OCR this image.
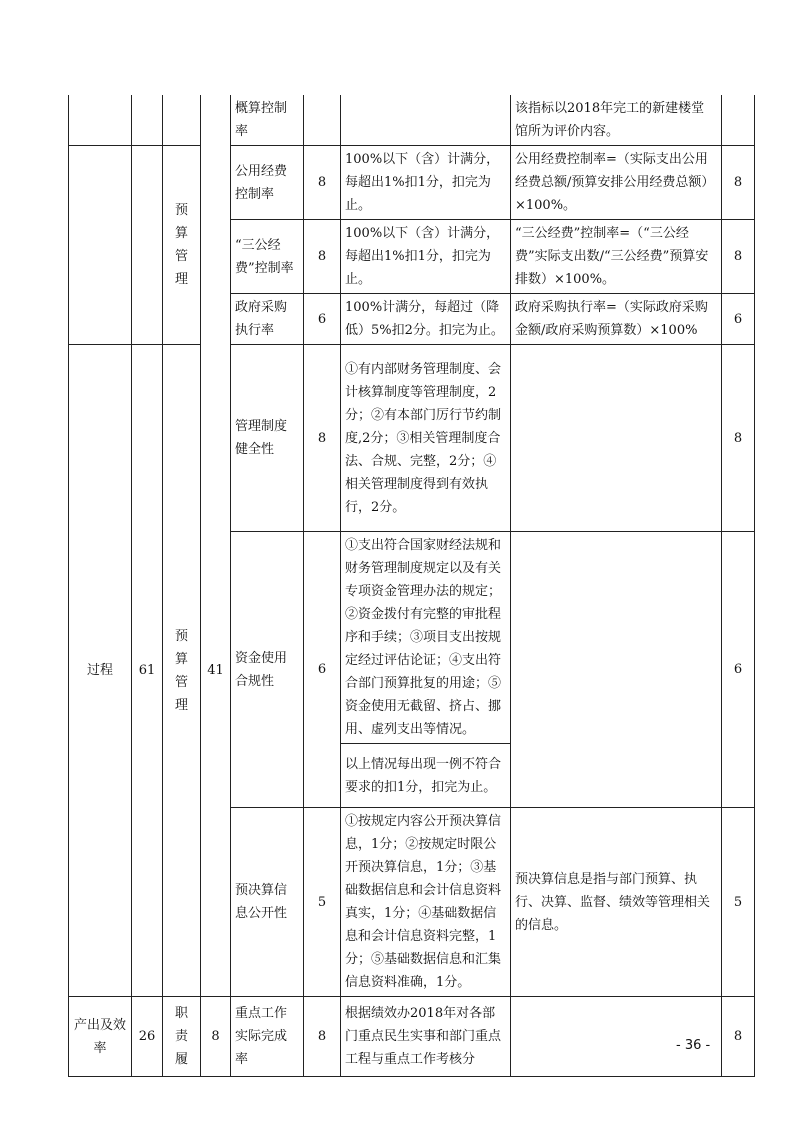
				概算控制率			该指标以2018年完工的新建楼堂馆所为评价内容。	
		预算管理		公用经费控制率	8	100%以下（含）计满分，每超出1%扣1分，扣完为止。	公用经费控制率=（实际支出公用经费总额/预算安排公用经费总额）×100%。	8
				“三公经费”控制率	8	100%以下（含）计满分，每超出1%扣1分，扣完为止。	“三公经费”控制率=（“三公经费”实际支出数/“三公经费”预算安排数）×100%。	8
				政府采购执行率	6	100%计满分，每超过（降低）5%扣2分。扣完为止。	政府采购执行率=（实际政府采购金额/政府采购预算数）×100%	6
过程	61	预算管理	41	管理制度健全性	8	①有内部财务管理制度、会计核算制度等管理制度，2分；②有本部门厉行节约制度,2分；③相关管理制度合法、合规、完整，2分；④相关管理制度得到有效执行，2分。		8
				资金使用合规性	6	①支出符合国家财经法规和财务管理制度规定以及有关专项资金管理办法的规定；②资金拨付有完整的审批程序和手续；③项目支出按规定经过评估论证；④支出符合部门预算批复的用途；⑤资金使用无截留、挤占、挪用、虚列支出等情况。		6
						以上情况每出现一例不符合要求的扣1分，扣完为止。		
				预决算信息公开性	5	①按规定内容公开预决算信息，1分；②按规定时限公开预决算信息，1分；③基础数据信息和会计信息资料真实，1分；④基础数据信息和会计信息资料完整，1分；⑤基础数据信息和汇集信息资料准确，1分。	预决算信息是指与部门预算、执行、决算、监督、绩效等管理相关的信息。	5
产出及效率	26	职责履	8	重点工作实际完成率	8	根据绩效办2018年对各部门重点民生实事和部门重点工程与重点工作考核分		8
- 36 -
